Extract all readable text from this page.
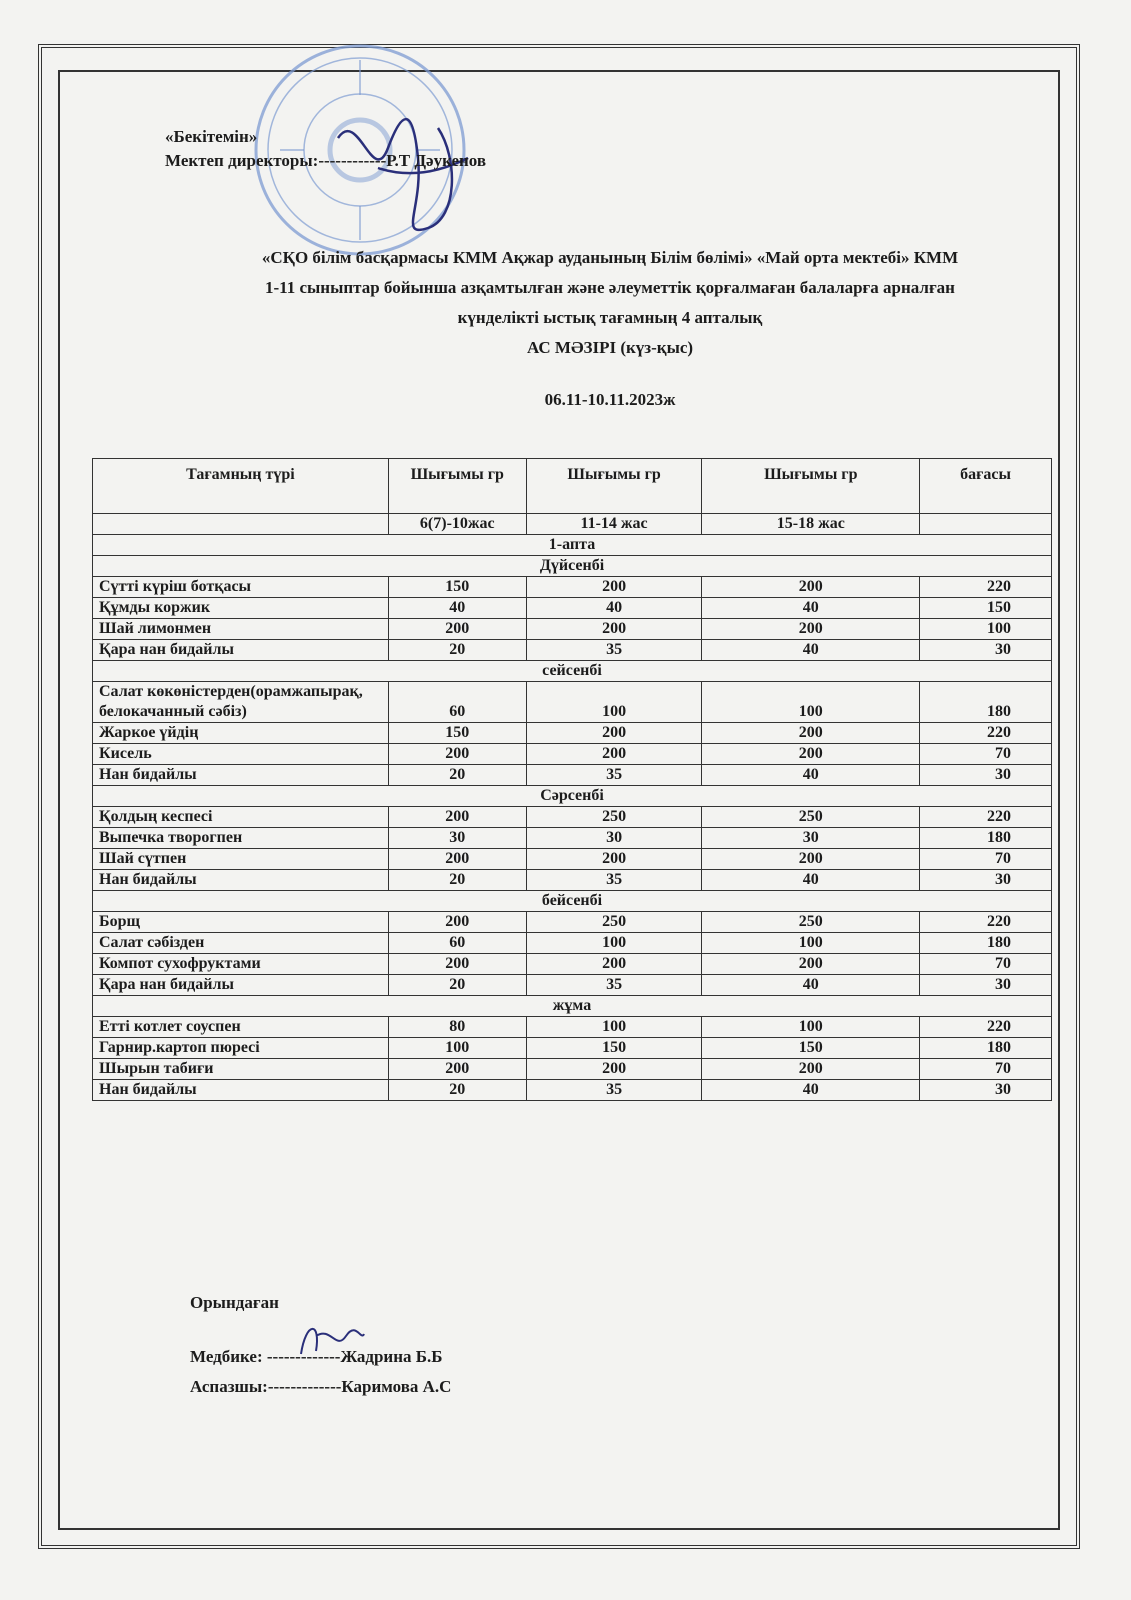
«Бекітемін»
Мектеп директоры:------------Р.Т Дәукенов
«СҚО білім басқармасы КММ Ақжар ауданының Білім бөлімі» «Май орта мектебі» КММ
1-11 сыныптар бойынша азқамтылған және әлеуметтік қорғалмаған балаларға арналған
күнделікті ыстық тағамның 4 апталық
АС МӘЗІРІ (күз-қыс)
06.11-10.11.2023ж
Тағамның түрі	Шығымы гр	Шығымы гр	Шығымы гр	бағасы
	6(7)-10жас	11-14 жас	15-18 жас	
1-апта				
Дүйсенбі				
Сүтті күріш ботқасы	150	200	200	220
Құмды коржик	40	40	40	150
Шай лимонмен	200	200	200	100
Қара нан бидайлы	20	35	40	30
сейсенбі				
Салат көкөністерден(орамжапырақ, белокачанный сәбіз)	60	100	100	180
Жаркое үйдің	150	200	200	220
Кисель	200	200	200	70
Нан бидайлы	20	35	40	30
Сәрсенбі				
Қолдың кеспесі	200	250	250	220
Выпечка творогпен	30	30	30	180
Шай сүтпен	200	200	200	70
Нан бидайлы	20	35	40	30
бейсенбі				
Борщ	200	250	250	220
Салат сәбізден	60	100	100	180
Компот сухофруктами	200	200	200	70
Қара нан бидайлы	20	35	40	30
жұма				
Етті котлет соуспен	80	100	100	220
Гарнир.картоп пюресі	100	150	150	180
Шырын табиғи	200	200	200	70
Нан бидайлы	20	35	40	30
Орындаған
Медбике: -------------Жадрина Б.Б
Аспазшы:-------------Каримова А.С
